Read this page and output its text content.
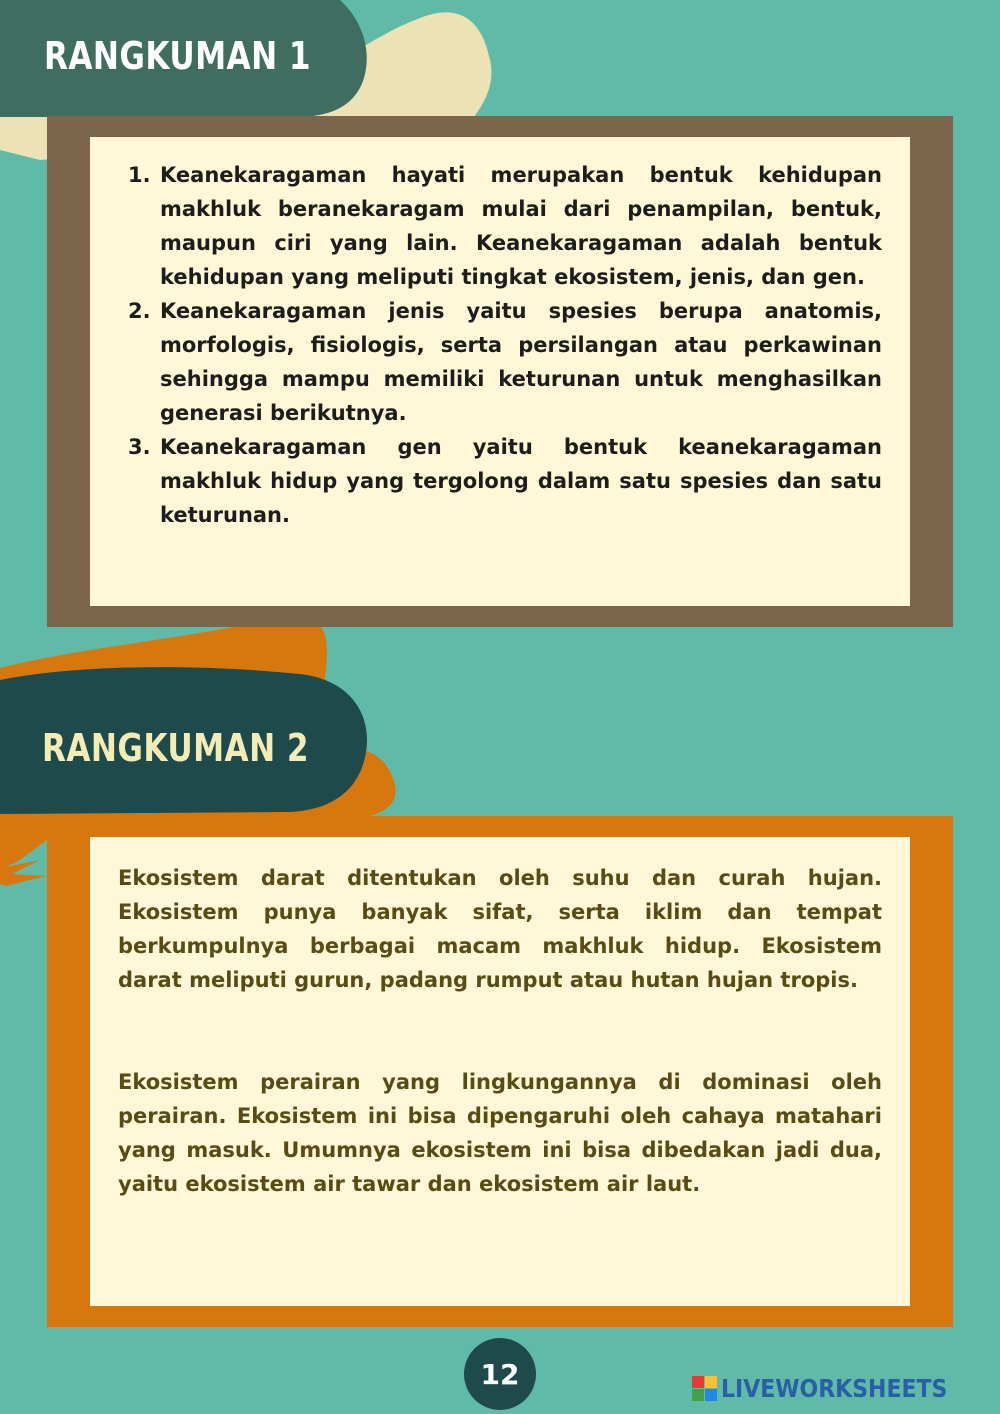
RANGKUMAN 1
1. Keanekaragaman hayati merupakan bentuk kehidupan makhluk beranekaragam mulai dari penampilan, bentuk, maupun ciri yang lain. Keanekaragaman adalah bentuk kehidupan yang meliputi tingkat ekosistem, jenis, dan gen.
2. Keanekaragaman jenis yaitu spesies berupa anatomis, morfologis, fisiologis, serta persilangan atau perkawinan sehingga mampu memiliki keturunan untuk menghasilkan generasi berikutnya.
3. Keanekaragaman gen yaitu bentuk keanekaragaman makhluk hidup yang tergolong dalam satu spesies dan satu keturunan.
RANGKUMAN 2

Ekosistem darat ditentukan oleh suhu dan curah hujan. Ekosistem punya banyak sifat, serta iklim dan tempat berkumpulnya berbagai macam makhluk hidup. Ekosistem darat meliputi gurun, padang rumput atau hutan hujan tropis.

Ekosistem perairan yang lingkungannya di dominasi oleh perairan. Ekosistem ini bisa dipengaruhi oleh cahaya matahari yang masuk. Umumnya ekosistem ini bisa dibedakan jadi dua, yaitu ekosistem air tawar dan ekosistem air laut.

12	LIVEWORKSHEETS
